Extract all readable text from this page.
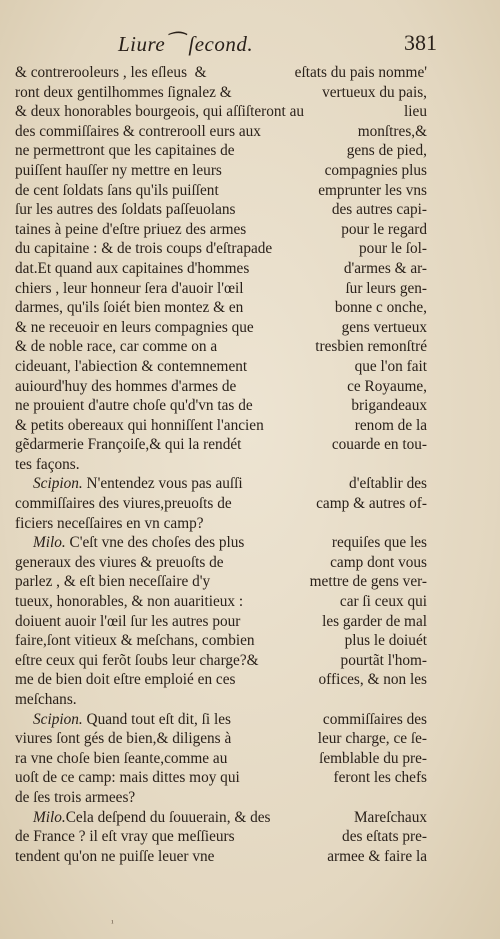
Liure⁀ ſecond.	381
& contrerooleurs , les eſleus  &	eſtats du pais nomme'
ront deux gentilhommes ſignalez &	vertueux du pais,
& deux honorables bourgeois, qui aſſiſteront au	lieu
des commiſſaires & contrerooll eurs aux	monſtres,&
ne permettront que les capitaines de	gens de pied,
puiſſent hauſſer ny mettre en leurs	compagnies plus
de cent ſoldats ſans qu'ils puiſſent	emprunter les vns
ſur les autres des ſoldats paſſeuolans	des autres capi-
taines à peine d'eſtre priuez des armes	pour le regard
du capitaine : & de trois coups d'eſtrapade	pour le ſol-
dat.Et quand aux capitaines d'hommes	d'armes & ar-
chiers , leur honneur ſera d'auoir l'œil	ſur leurs gen-
darmes, qu'ils ſoiét bien montez & en	bonne c onche,
& ne receuoir en leurs compagnies que	gens vertueux
& de noble race, car comme on a	tresbien remonſtré
cideuant, l'abiection & contemnement	que l'on fait
auiourd'huy des hommes d'armes de	ce Royaume,
ne prouient d'autre choſe qu'd'vn tas de	brigandeaux
& petits obereaux qui honniſſent l'ancien	renom de la
gẽdarmerie Françoiſe,& qui la rendét	couarde en tou-
tes façons.
Scipion. N'entendez vous pas auſſi	d'eſtablir des
commiſſaires des viures,preuoſts de	camp & autres of-
ficiers neceſſaires en vn camp?
Milo. C'eſt vne des choſes des plus	requiſes que les
generaux des viures & preuoſts de	camp dont vous
parlez , & eſt bien neceſſaire d'y	mettre de gens ver-
tueux, honorables, & non auaritieux :	car ſi ceux qui
doiuent auoir l'œil ſur les autres pour	les garder de mal
faire,ſont vitieux & meſchans, combien	plus le doiuét
eſtre ceux qui ferõt ſoubs leur charge?&	pourtãt l'hom-
me de bien doit eſtre emploié en ces	offices, & non les
meſchans.
Scipion. Quand tout eſt dit, ſi les	commiſſaires des
viures ſont gés de bien,& diligens à	leur charge, ce ſe-
ra vne choſe bien ſeante,comme au	ſemblable du pre-
uoſt de ce camp: mais dittes moy qui	feront les chefs
de ſes trois armees?
Milo.Cela deſpend du ſouuerain, & des	Mareſchaux
de France ? il eſt vray que meſſieurs	des eſtats pre-
tendent qu'on ne puiſſe leuer vne	armee & faire la
¹
